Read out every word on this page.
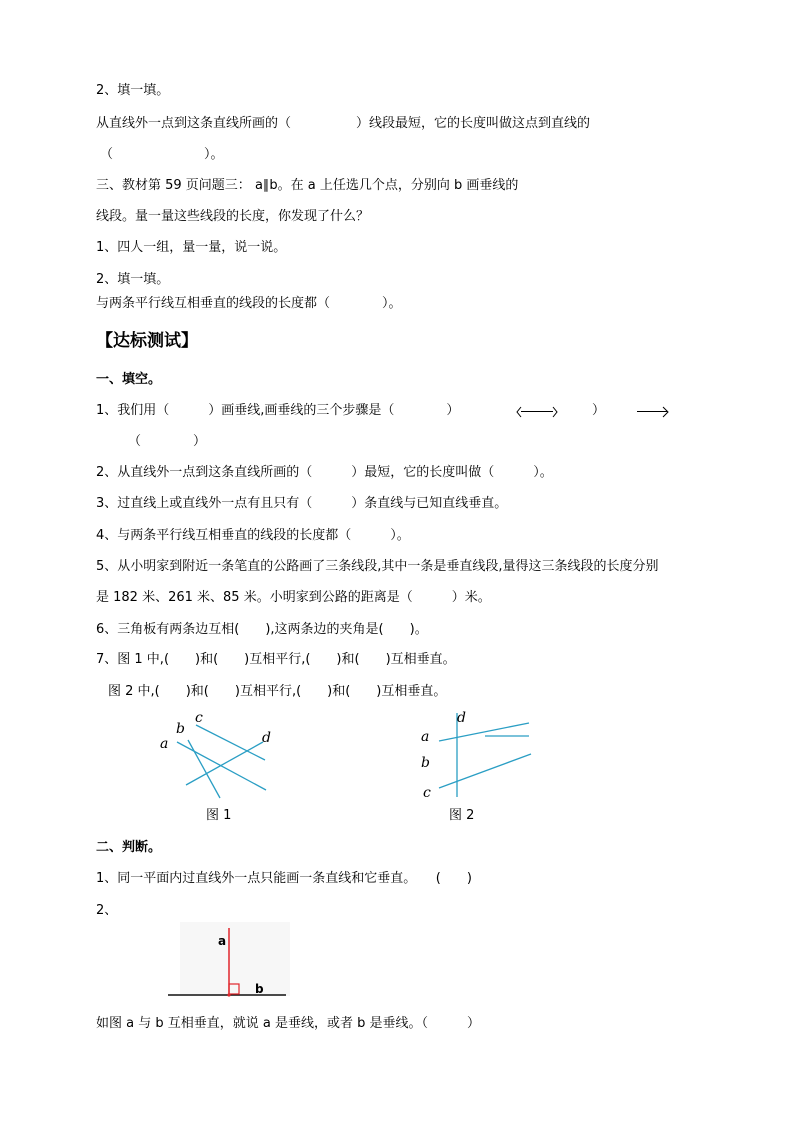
2、填一填。
从直线外一点到这条直线所画的（　　　　　）线段最短，它的长度叫做这点到直线的
（　　　　　　　）。
三、教材第 59 页问题三： a∥b。在 a 上任选几个点，分别向 b 画垂线的
线段。量一量这些线段的长度，你发现了什么？
1、四人一组，量一量，说一说。
2、填一填。
与两条平行线互相垂直的线段的长度都（　　　　）。
【达标测试】
一、填空。
1、我们用（　　　）画垂线,画垂线的三个步骤是（　　　　）	）
（　　　　）
2、从直线外一点到这条直线所画的（　　　）最短，它的长度叫做（　　　）。
3、过直线上或直线外一点有且只有（　　　）条直线与已知直线垂直。
4、与两条平行线互相垂直的线段的长度都（　　　）。
5、从小明家到附近一条笔直的公路画了三条线段,其中一条是垂直线段,量得这三条线段的长度分别
是 182 米、261 米、85 米。小明家到公路的距离是（　　　）米。
6、三角板有两条边互相(　　),这两条边的夹角是(　　)。
7、图 1 中,(　　)和(　　)互相平行,(　　)和(　　)互相垂直。
图 2 中,(　　)和(　　)互相平行,(　　)和(　　)互相垂直。
a
b
c
d
图 1
a
b
c
d
图 2
二、判断。
1、同一平面内过直线外一点只能画一条直线和它垂直。　　(　　)
2、
a
b
如图 a 与 b 互相垂直，就说 a 是垂线，或者 b 是垂线。（　　　）
